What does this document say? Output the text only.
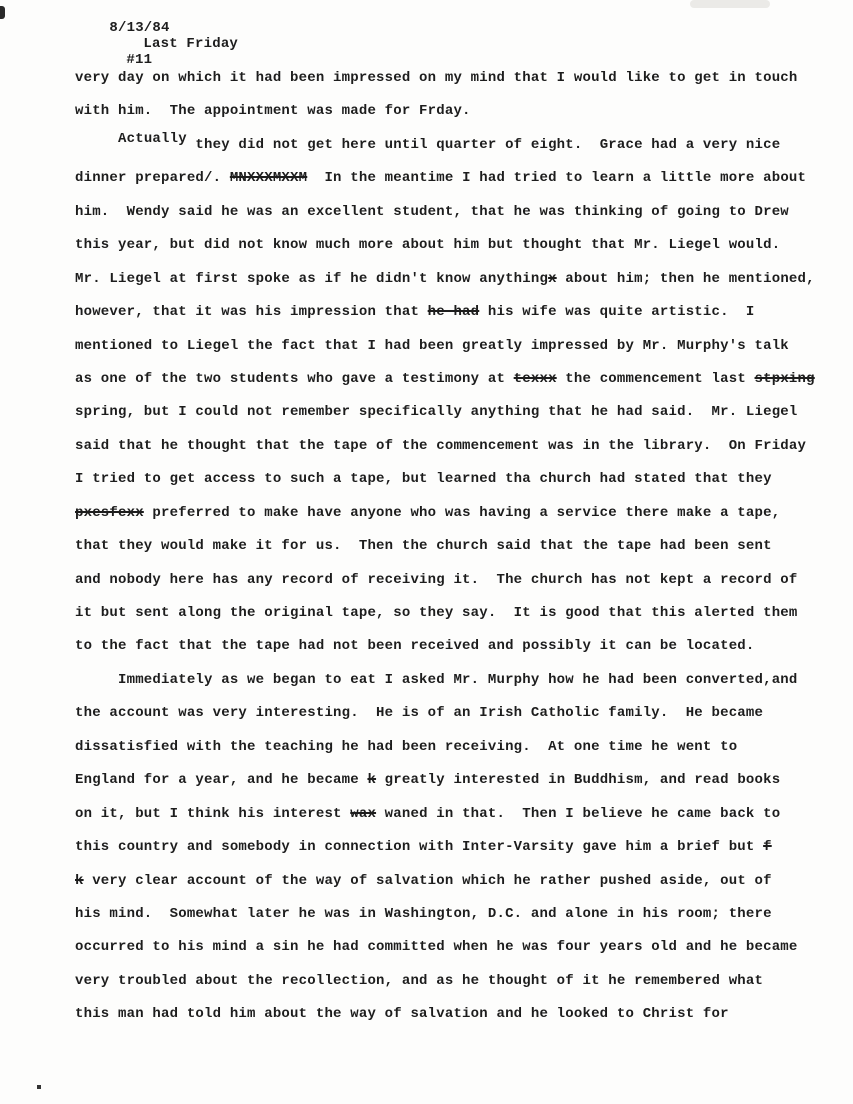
8/13/84
Last Friday
#11

very day on which it had been impressed on my mind that I would like to get in touch
with him.  The appointment was made for Frday.
Actually they did not get here until quarter of eight.  Grace had a very nice
dinner prepared/. MNXXXMXXM  In the meantime I had tried to learn a little more about
him.  Wendy said he was an excellent student, that he was thinking of going to Drew
this year, but did not know much more about him but thought that Mr. Liegel would.
Mr. Liegel at first spoke as if he didn't know anythingx about him; then he mentioned,
however, that it was his impression that he-had his wife was quite artistic.  I
mentioned to Liegel the fact that I had been greatly impressed by Mr. Murphy's talk
as one of the two students who gave a testimony at texxx the commencement last stpxing
spring, but I could not remember specifically anything that he had said.  Mr. Liegel
said that he thought that the tape of the commencement was in the library.  On Friday
I tried to get access to such a tape, but learned tha church had stated that they
pxesfexx preferred to make have anyone who was having a service there make a tape,
that they would make it for us.  Then the church said that the tape had been sent
and nobody here has any record of receiving it.  The church has not kept a record of
it but sent along the original tape, so they say.  It is good that this alerted them
to the fact that the tape had not been received and possibly it can be located.
Immediately as we began to eat I asked Mr. Murphy how he had been converted,and
the account was very interesting.  He is of an Irish Catholic family.  He became
dissatisfied with the teaching he had been receiving.  At one time he went to
England for a year, and he became k greatly interested in Buddhism, and read books
on it, but I think his interest wax waned in that.  Then I believe he came back to
this country and somebody in connection with Inter-Varsity gave him a brief but f
k very clear account of the way of salvation which he rather pushed aside, out of
his mind.  Somewhat later he was in Washington, D.C. and alone in his room; there
occurred to his mind a sin he had committed when he was four years old and he became
very troubled about the recollection, and as he thought of it he remembered what
this man had told him about the way of salvation and he looked to Christ for
